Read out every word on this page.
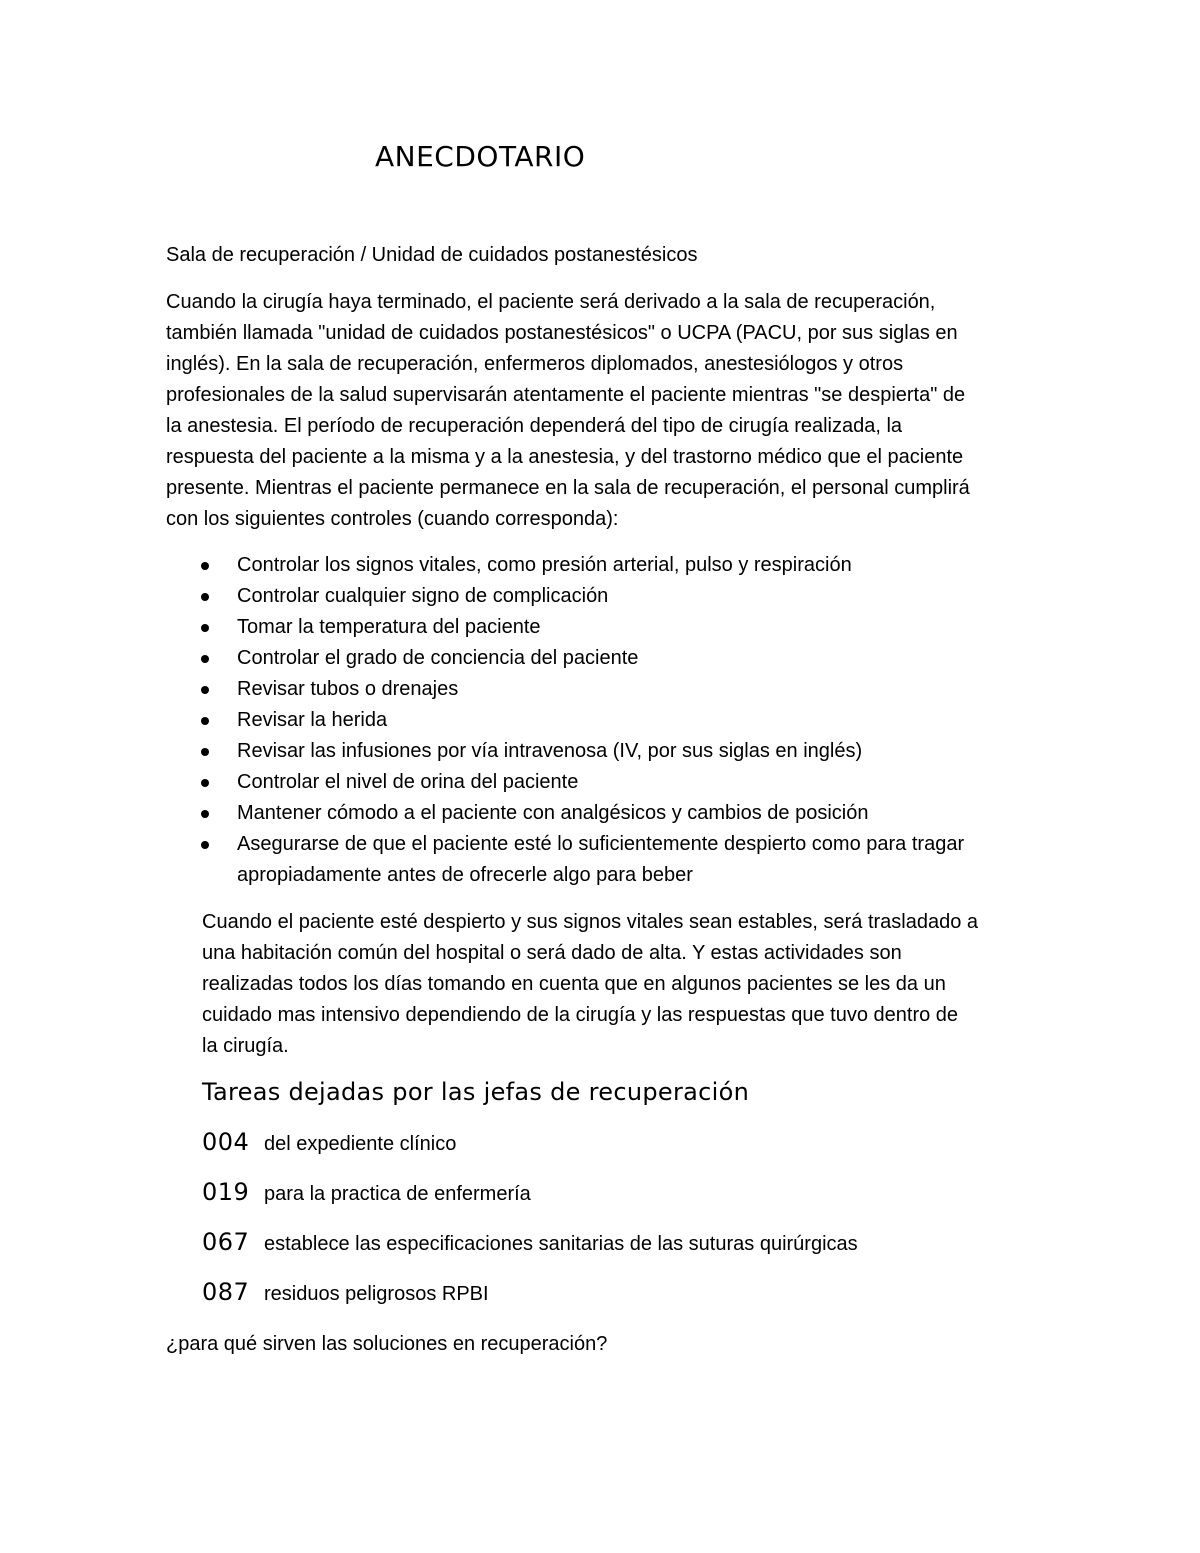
ANECDOTARIO

Sala de recuperación / Unidad de cuidados postanestésicos

Cuando la cirugía haya terminado, el paciente será derivado a la sala de recuperación,
también llamada "unidad de cuidados postanestésicos" o UCPA (PACU, por sus siglas en
inglés). En la sala de recuperación, enfermeros diplomados, anestesiólogos y otros
profesionales de la salud supervisarán atentamente el paciente mientras "se despierta" de
la anestesia. El período de recuperación dependerá del tipo de cirugía realizada, la
respuesta del paciente a la misma y a la anestesia, y del trastorno médico que el paciente
presente. Mientras el paciente permanece en la sala de recuperación, el personal cumplirá
con los siguientes controles (cuando corresponda):

Controlar los signos vitales, como presión arterial, pulso y respiración
Controlar cualquier signo de complicación
Tomar la temperatura del paciente
Controlar el grado de conciencia del paciente
Revisar tubos o drenajes
Revisar la herida
Revisar las infusiones por vía intravenosa (IV, por sus siglas en inglés)
Controlar el nivel de orina del paciente
Mantener cómodo a el paciente con analgésicos y cambios de posición
Asegurarse de que el paciente esté lo suficientemente despierto como para tragar
apropiadamente antes de ofrecerle algo para beber

Cuando el paciente esté despierto y sus signos vitales sean estables, será trasladado a
una habitación común del hospital o será dado de alta. Y estas actividades son
realizadas todos los días tomando en cuenta que en algunos pacientes se les da un
cuidado mas intensivo dependiendo de la cirugía y las respuestas que tuvo dentro de
la cirugía.

Tareas dejadas por las jefas de recuperación
004 del expediente clínico
019 para la practica de enfermería
067 establece las especificaciones sanitarias de las suturas quirúrgicas
087 residuos peligrosos RPBI

¿para qué sirven las soluciones en recuperación?
